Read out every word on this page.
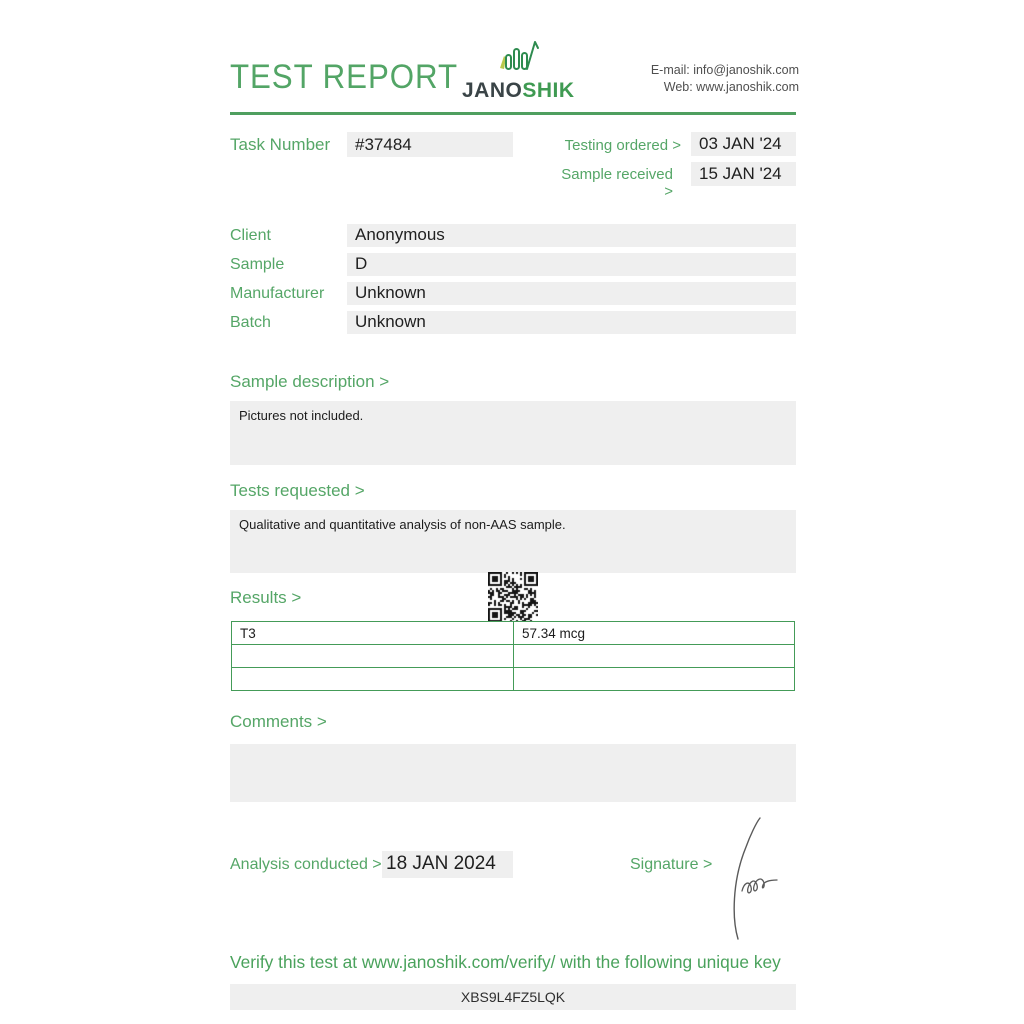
TEST REPORT JANOSHIK
E-mail: info@janoshik.com
Web: www.janoshik.com
Task Number	#37484	Testing ordered >	03 JAN '24
Sample received >
15 JAN '24
Client	Anonymous
Sample	D
Manufacturer	Unknown
Batch	Unknown
Sample description >
Pictures not included.
Tests requested >
Qualitative and quantitative analysis of non-AAS sample.
Results >
T3	57.34 mcg

Comments >
Analysis conducted > 18 JAN 2024	Signature >
Verify this test at www.janoshik.com/verify/ with the following unique key
XBS9L4FZ5LQK
